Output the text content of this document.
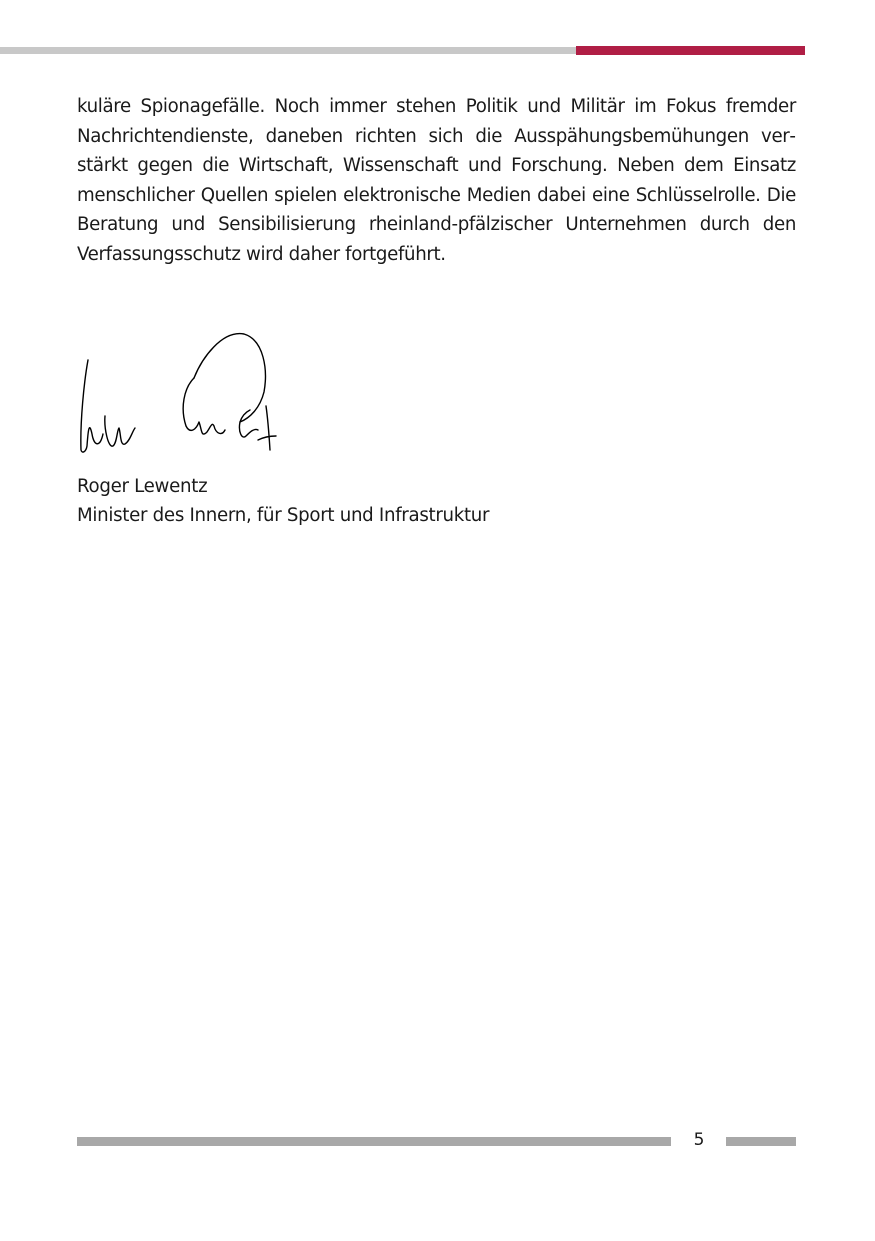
kuläre Spionagefälle. Noch immer stehen Politik und Militär im Fokus fremder Nachrichtendienste, daneben richten sich die Ausspähungsbemühungen verstärkt gegen die Wirtschaft, Wissenschaft und Forschung. Neben dem Einsatz menschlicher Quellen spielen elektronische Medien dabei eine Schlüsselrolle. Die Beratung und Sensibilisierung rheinland-pfälzischer Unternehmen durch den Verfassungsschutz wird daher fortgeführt.

Roger Lewentz

Minister des Innern, für Sport und Infrastruktur

5
